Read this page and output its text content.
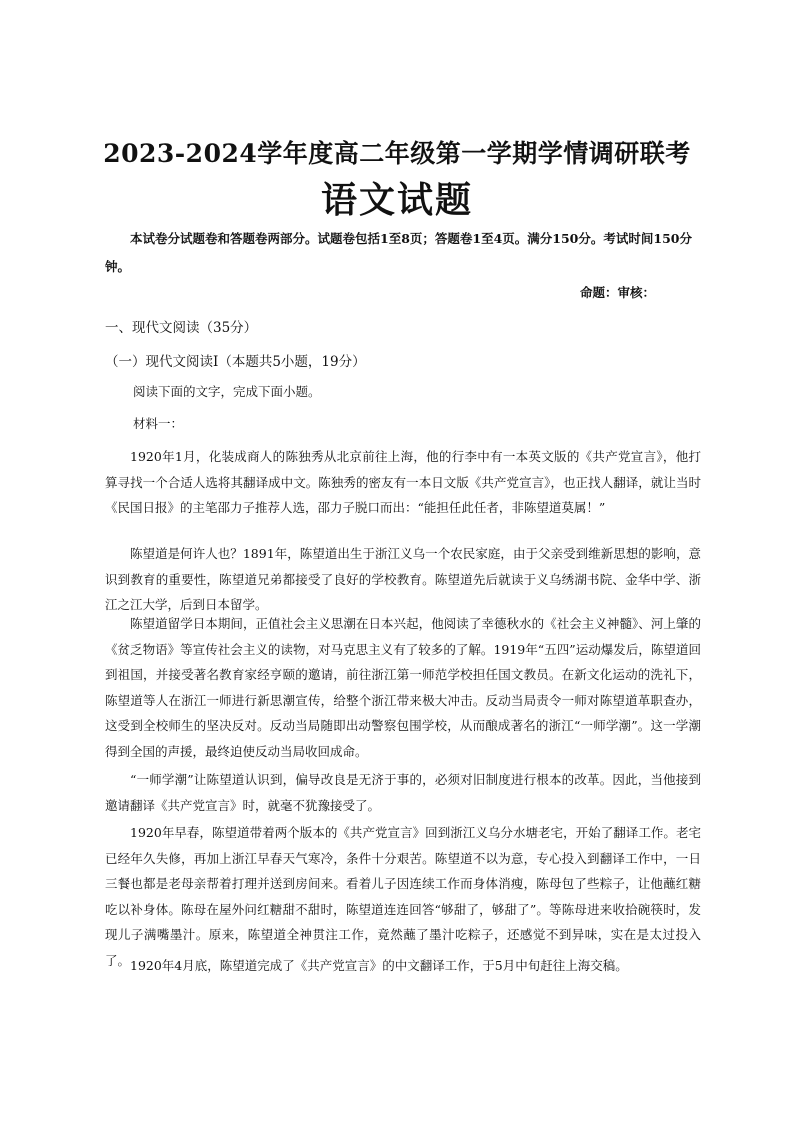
2023-2024学年度高二年级第一学期学情调研联考
语文试题
本试卷分试题卷和答题卷两部分。试题卷包括1至8页；答题卷1至4页。满分150分。考试时间150分钟。
命题：审核：
一、现代文阅读（35分）
（一）现代文阅读Ⅰ（本题共5小题，19分）
阅读下面的文字，完成下面小题。
材料一：
1920年1月，化装成商人的陈独秀从北京前往上海，他的行李中有一本英文版的《共产党宣言》，他打算寻找一个合适人选将其翻译成中文。陈独秀的密友有一本日文版《共产党宣言》，也正找人翻译，就让当时《民国日报》的主笔邵力子推荐人选，邵力子脱口而出：“能担任此任者，非陈望道莫属！”
陈望道是何许人也？1891年，陈望道出生于浙江义乌一个农民家庭，由于父亲受到维新思想的影响，意识到教育的重要性，陈望道兄弟都接受了良好的学校教育。陈望道先后就读于义乌绣湖书院、金华中学、浙江之江大学，后到日本留学。
陈望道留学日本期间，正值社会主义思潮在日本兴起，他阅读了幸德秋水的《社会主义神髓》、河上肇的《贫乏物语》等宣传社会主义的读物，对马克思主义有了较多的了解。1919年“五四”运动爆发后，陈望道回到祖国，并接受著名教育家经亨颐的邀请，前往浙江第一师范学校担任国文教员。在新文化运动的洗礼下，陈望道等人在浙江一师进行新思潮宣传，给整个浙江带来极大冲击。反动当局责令一师对陈望道革职查办，这受到全校师生的坚决反对。反动当局随即出动警察包围学校，从而酿成著名的浙江“一师学潮”。这一学潮得到全国的声援，最终迫使反动当局收回成命。
“一师学潮”让陈望道认识到，偏导改良是无济于事的，必须对旧制度进行根本的改革。因此，当他接到邀请翻译《共产党宣言》时，就毫不犹豫接受了。
1920年早春，陈望道带着两个版本的《共产党宣言》回到浙江义乌分水塘老宅，开始了翻译工作。老宅已经年久失修，再加上浙江早春天气寒冷，条件十分艰苦。陈望道不以为意，专心投入到翻译工作中，一日三餐也都是老母亲帮着打理并送到房间来。看着儿子因连续工作而身体消瘦，陈母包了些粽子，让他蘸红糖吃以补身体。陈母在屋外问红糖甜不甜时，陈望道连连回答“够甜了，够甜了”。等陈母进来收拾碗筷时，发现儿子满嘴墨汁。原来，陈望道全神贯注工作，竟然蘸了墨汁吃粽子，还感觉不到异味，实在是太过投入了。 1920年4月底，陈望道完成了《共产党宣言》的中文翻译工作，于5月中旬赶往上海交稿。
